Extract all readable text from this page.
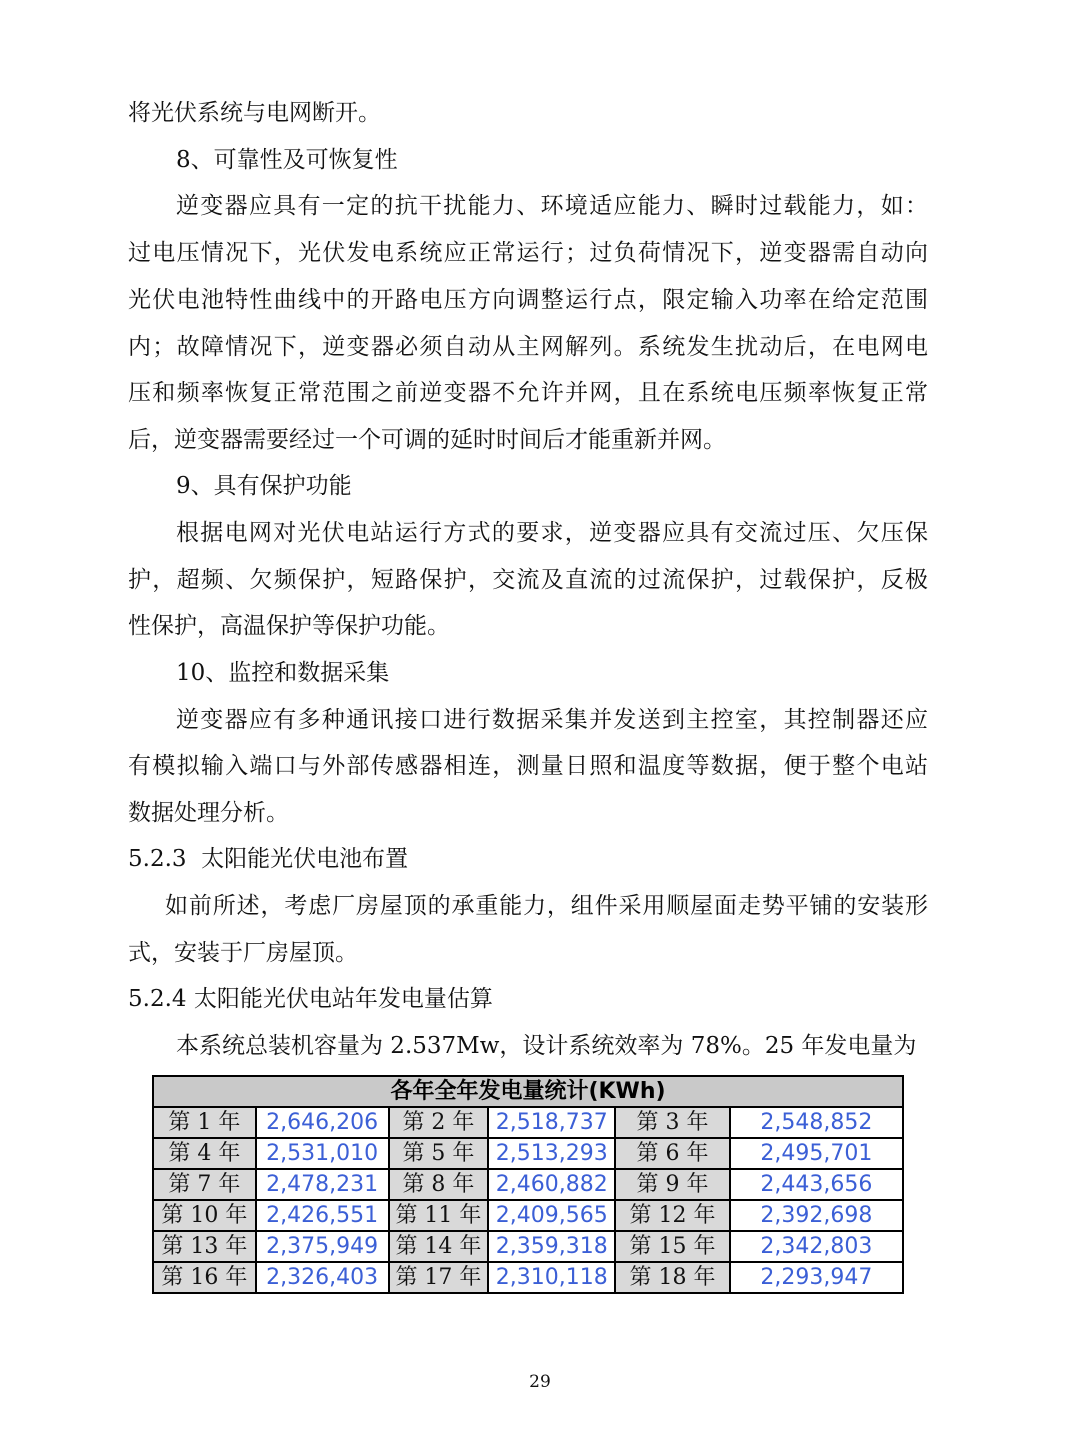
将光伏系统与电网断开。
8、可靠性及可恢复性
逆变器应具有一定的抗干扰能力、环境适应能力、瞬时过载能力，如：
过电压情况下，光伏发电系统应正常运行；过负荷情况下，逆变器需自动向
光伏电池特性曲线中的开路电压方向调整运行点，限定输入功率在给定范围
内；故障情况下，逆变器必须自动从主网解列。系统发生扰动后，在电网电
压和频率恢复正常范围之前逆变器不允许并网，且在系统电压频率恢复正常
后，逆变器需要经过一个可调的延时时间后才能重新并网。
9、具有保护功能
根据电网对光伏电站运行方式的要求，逆变器应具有交流过压、欠压保
护，超频、欠频保护，短路保护，交流及直流的过流保护，过载保护，反极
性保护，高温保护等保护功能。
10、监控和数据采集
逆变器应有多种通讯接口进行数据采集并发送到主控室，其控制器还应
有模拟输入端口与外部传感器相连，测量日照和温度等数据，便于整个电站
数据处理分析。
5.2.3  太阳能光伏电池布置
如前所述，考虑厂房屋顶的承重能力，组件采用顺屋面走势平铺的安装形
式，安装于厂房屋顶。
5.2.4 太阳能光伏电站年发电量估算
本系统总装机容量为 2.537Mw，设计系统效率为 78%。25 年发电量为
各年全年发电量统计(KWh)					
第 1 年	2,646,206	第 2 年	2,518,737	第 3 年	2,548,852
第 4 年	2,531,010	第 5 年	2,513,293	第 6 年	2,495,701
第 7 年	2,478,231	第 8 年	2,460,882	第 9 年	2,443,656
第 10 年	2,426,551	第 11 年	2,409,565	第 12 年	2,392,698
第 13 年	2,375,949	第 14 年	2,359,318	第 15 年	2,342,803
第 16 年	2,326,403	第 17 年	2,310,118	第 18 年	2,293,947
29
